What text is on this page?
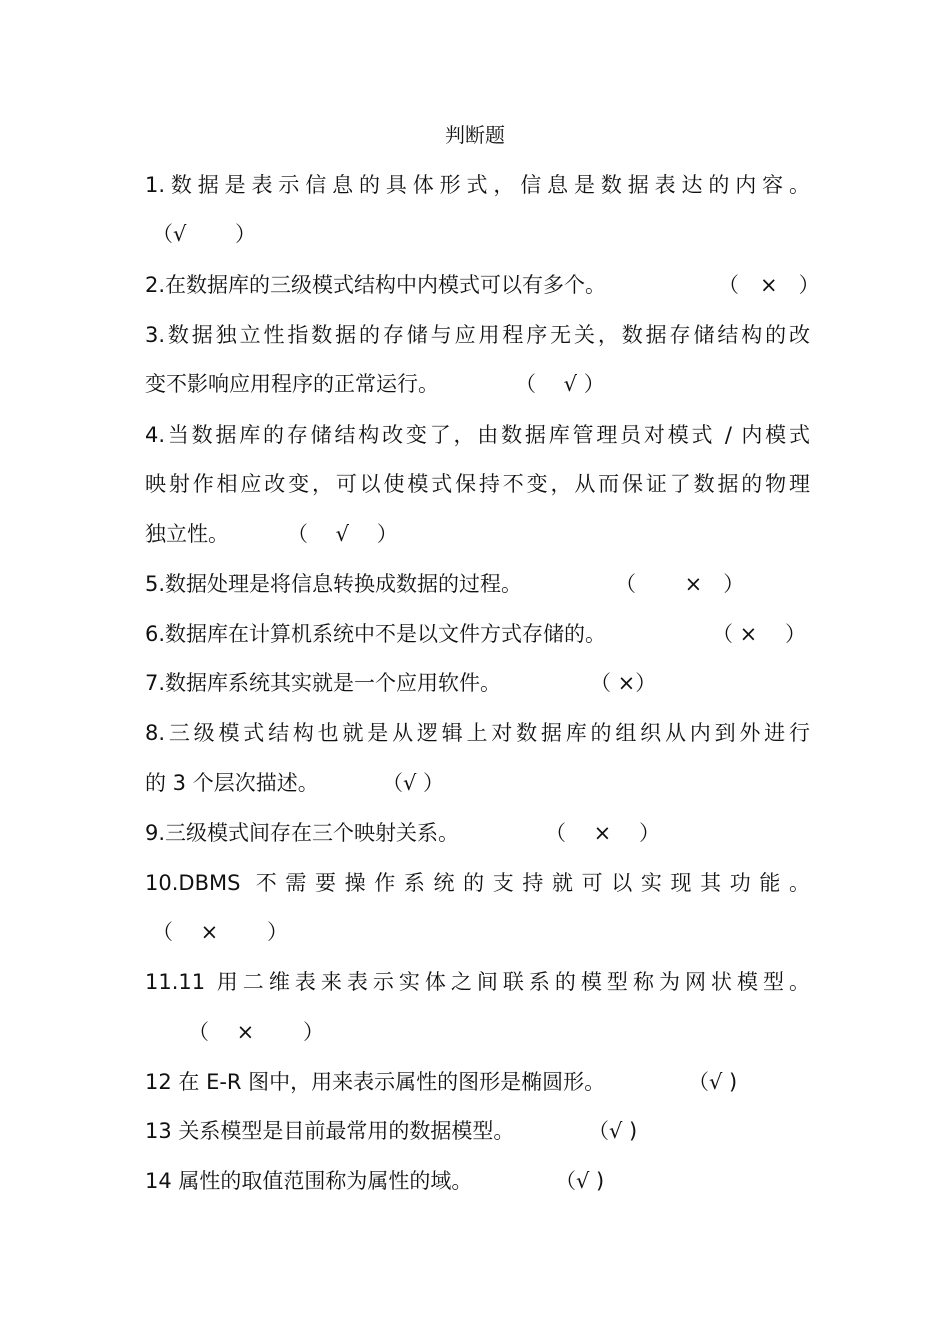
判断题
1.数据是表示信息的具体形式，信息是数据表达的内容。
（√　 　）
2.在数据库的三级模式结构中内模式可以有多个。	（　×　）
3.数据独立性指数据的存储与应用程序无关，数据存储结构的改
变不影响应用程序的正常运行。	（　 √ ）
4.当数据库的存储结构改变了，由数据库管理员对模式 / 内模式
映射作相应改变，可以使模式保持不变，从而保证了数据的物理
独立性。	（　 √ 　）
5.数据处理是将信息转换成数据的过程。	（　 　×　）
6.数据库在计算机系统中不是以文件方式存储的。	（ × 　）
7.数据库系统其实就是一个应用软件。	（ ×）
8.三级模式结构也就是从逻辑上对数据库的组织从内到外进行
的 3 个层次描述。	（√ ）
9.三级模式间存在三个映射关系。	（　 × 　）
10.DBMS 不需要操作系统的支持就可以实现其功能。
（　 ×　　 ）
11.11 用二维表来表示实体之间联系的模型称为网状模型。
（　 ×　　 ）
12 在 E-R 图中，用来表示属性的图形是椭圆形。	（√ )
13 关系模型是目前最常用的数据模型。	（√ )
14 属性的取值范围称为属性的域。	（√ )
